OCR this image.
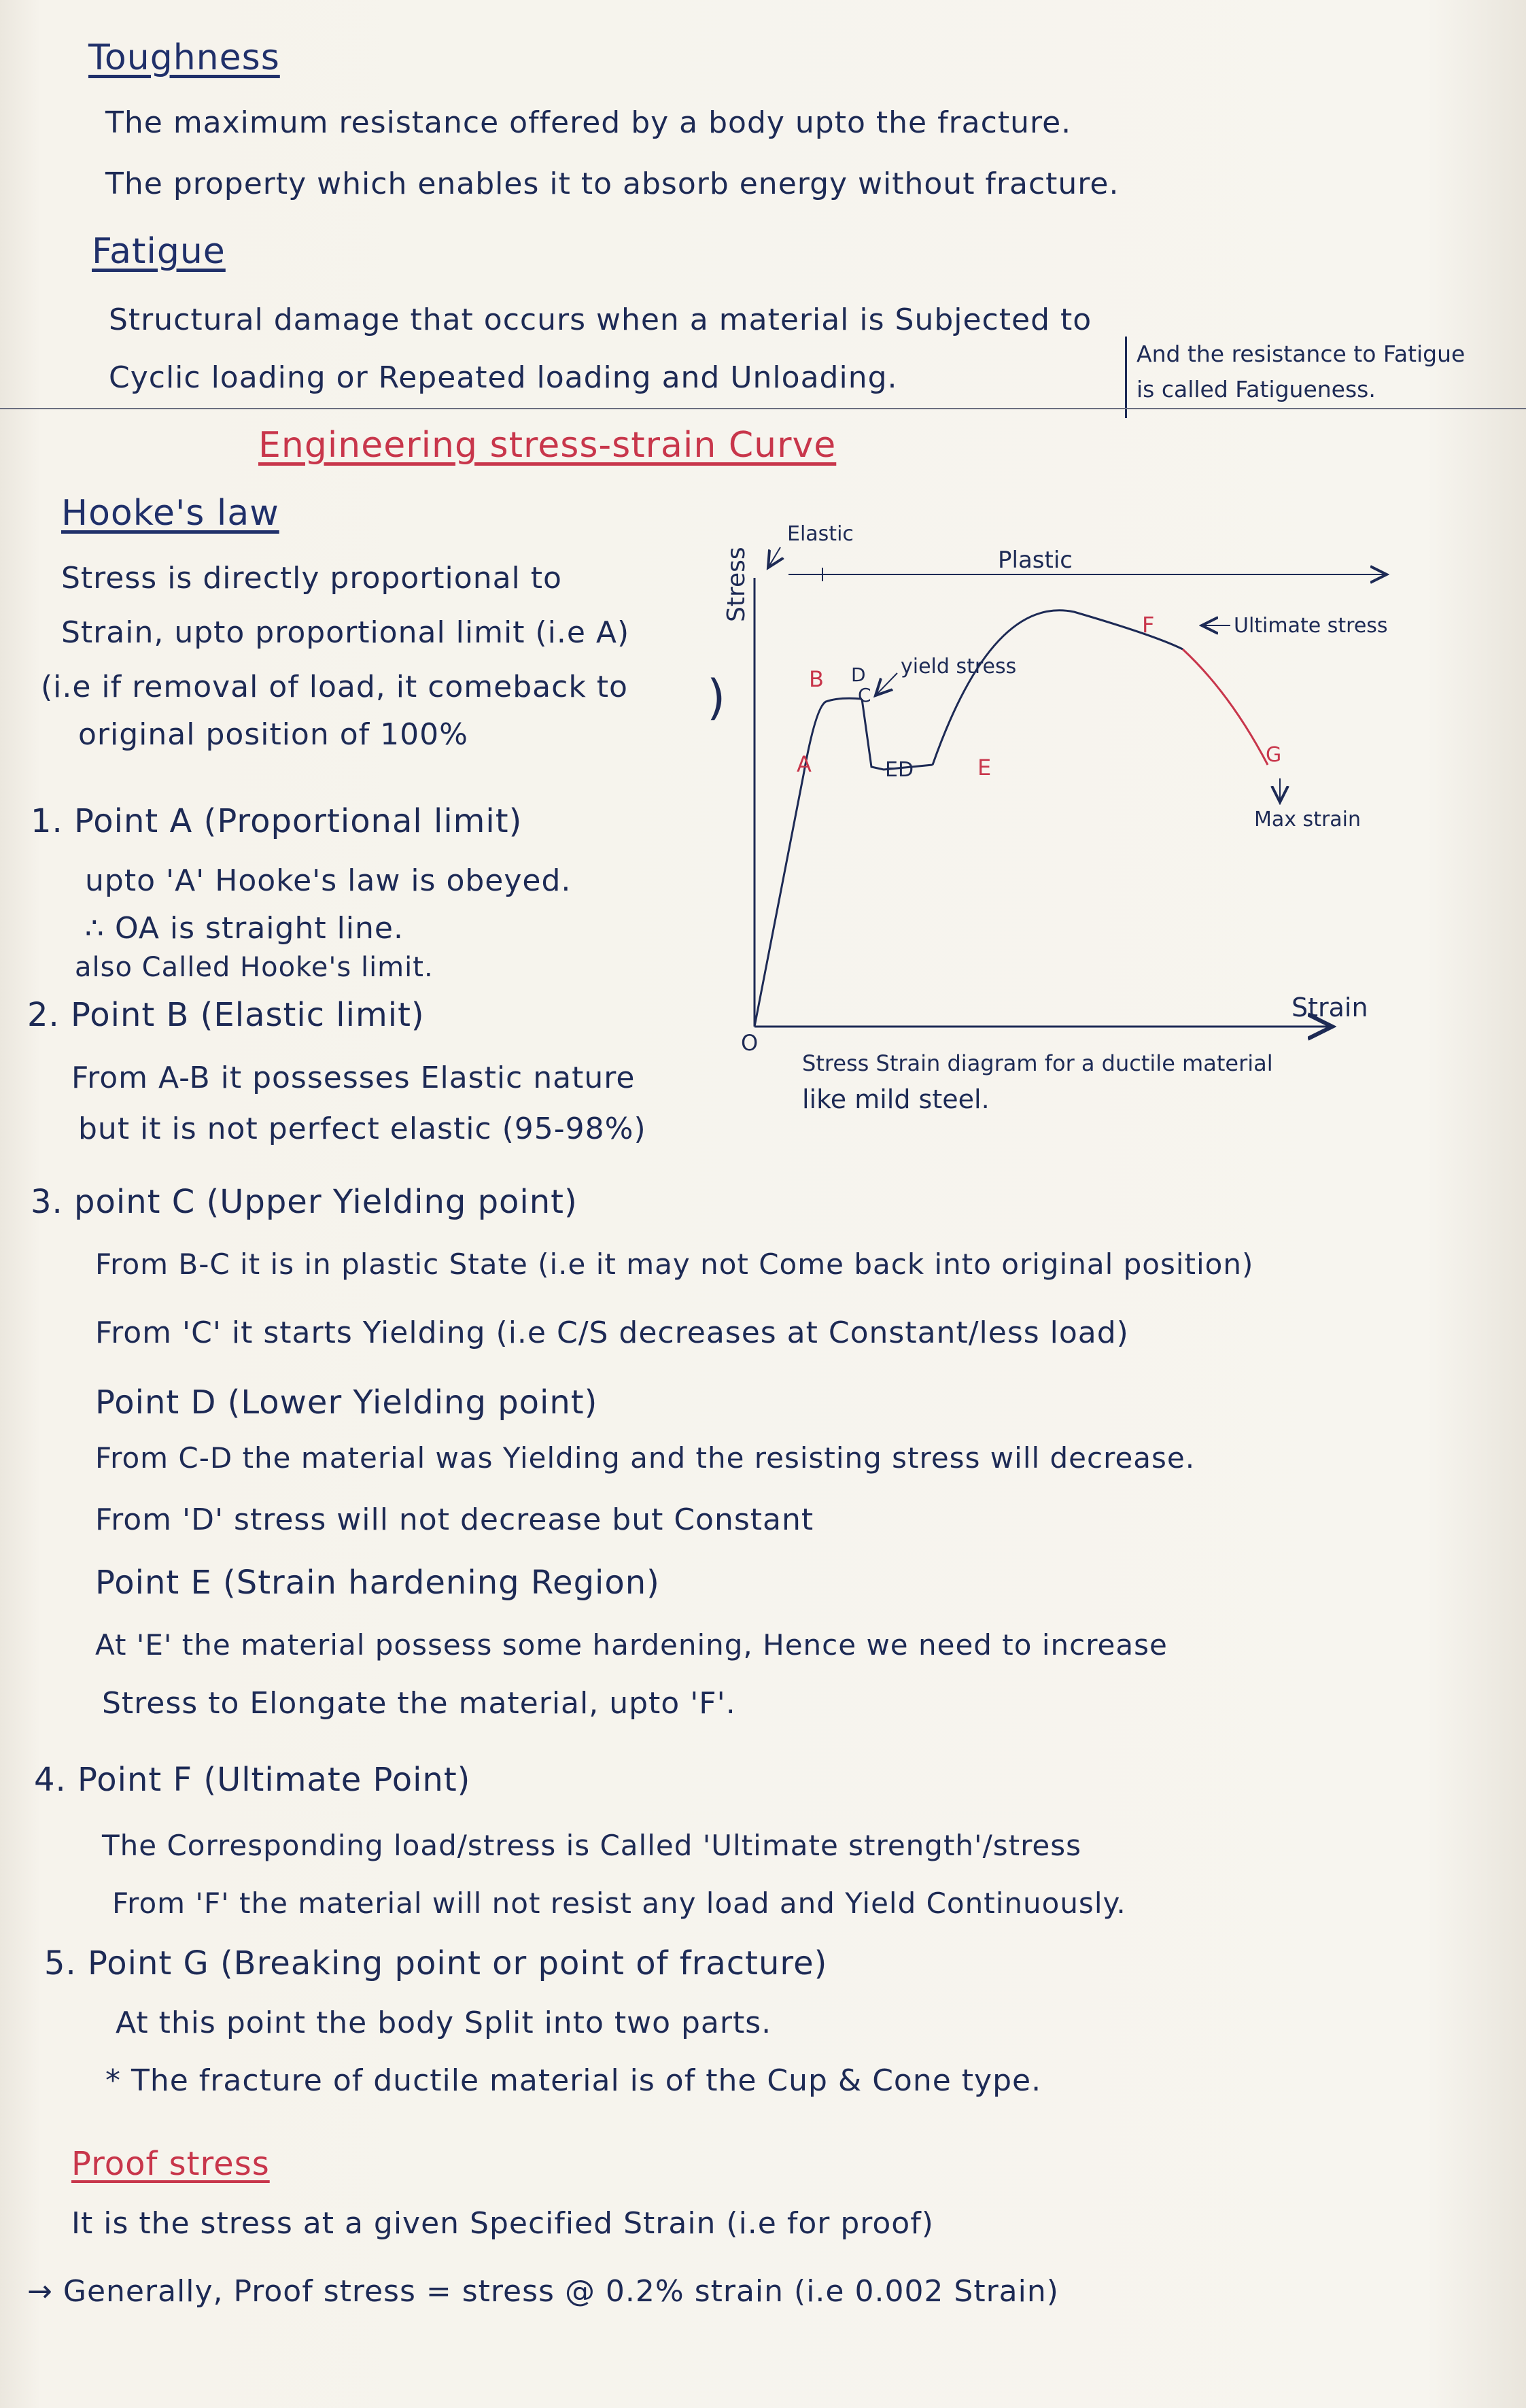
Toughness
The maximum resistance offered by a body upto the fracture.
The property which enables it to absorb energy without fracture.
Fatigue
Structural damage that occurs when a material is Subjected to
Cyclic loading or Repeated loading and Unloading.
And the resistance to Fatigue
is called Fatigueness.
Engineering stress-strain Curve
Hooke's law
Stress is directly proportional to
Strain, upto proportional limit (i.e A)
(i.e if removal of load, it comeback to )
original position of 100%
Stress
Strain
O
Elastic
Plastic
yield stress
Ultimate stress
Max strain
A
B D
C
ED	E
F
G
Stress Strain diagram for a ductile material
like mild steel.
1. Point A (Proportional limit)
upto 'A' Hooke's law is obeyed.
∴ OA is straight line.
also Called Hooke's limit.
2. Point B (Elastic limit)
From A-B it possesses Elastic nature
but it is not perfect elastic (95-98%)
3. point C (Upper Yielding point)
From B-C it is in plastic State (i.e it may not Come back into original position)
From 'C' it starts Yielding (i.e C/S decreases at Constant/less load)
Point D (Lower Yielding point)
From C-D the material was Yielding and the resisting stress will decrease.
From 'D' stress will not decrease but Constant
Point E (Strain hardening Region)
At 'E' the material possess some hardening, Hence we need to increase
Stress to Elongate the material, upto 'F'.
4. Point F (Ultimate Point)
The Corresponding load/stress is Called 'Ultimate strength'/stress
From 'F' the material will not resist any load and Yield Continuously.
5. Point G (Breaking point or point of fracture)
At this point the body Split into two parts.
* The fracture of ductile material is of the Cup & Cone type.
Proof stress
It is the stress at a given Specified Strain (i.e for proof)
→ Generally, Proof stress = stress @ 0.2% strain (i.e 0.002 Strain)
